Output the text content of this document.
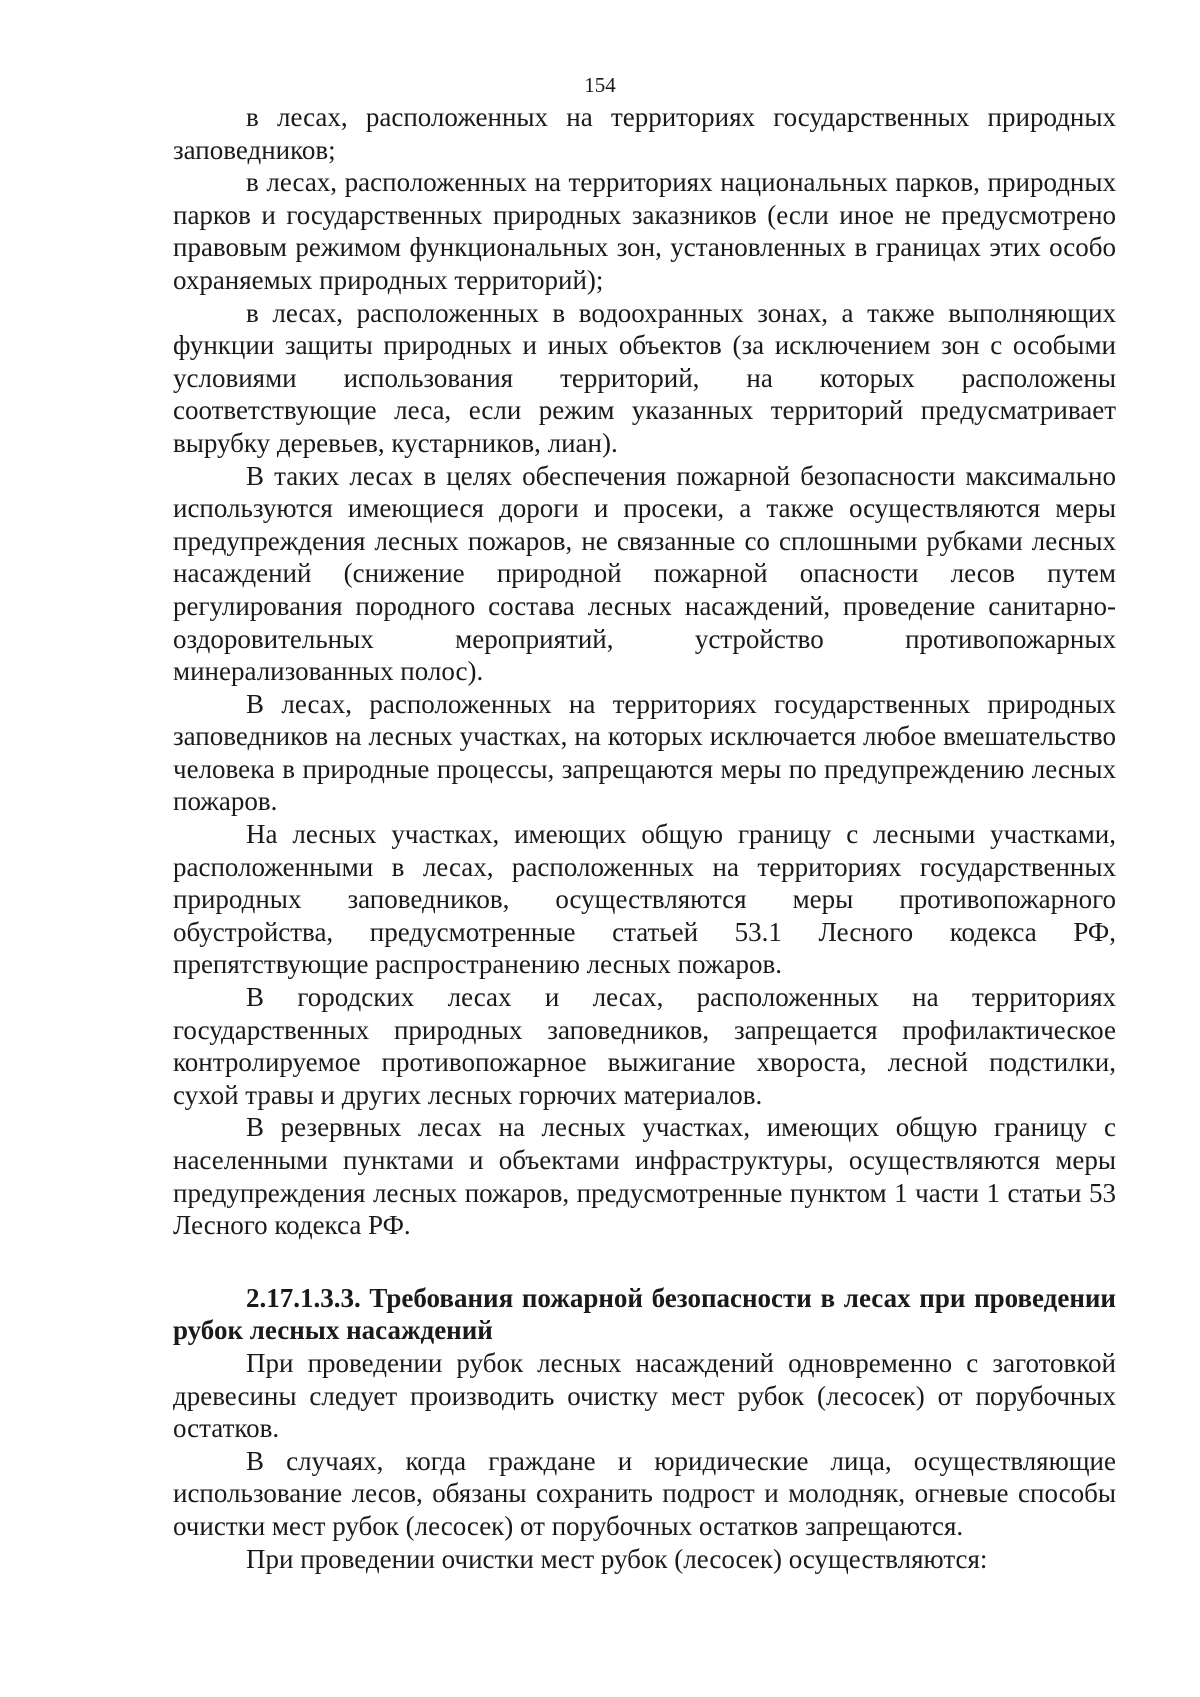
154

в лесах, расположенных на территориях государственных природных заповедников;

в лесах, расположенных на территориях национальных парков, природных парков и государственных природных заказников (если иное не предусмотрено правовым режимом функциональных зон, установленных в границах этих особо охраняемых природных территорий);

в лесах, расположенных в водоохранных зонах, а также выполняющих функции защиты природных и иных объектов (за исключением зон с особыми условиями использования территорий, на которых расположены соответствующие леса, если режим указанных территорий предусматривает вырубку деревьев, кустарников, лиан).

В таких лесах в целях обеспечения пожарной безопасности максимально используются имеющиеся дороги и просеки, а также осуществляются меры предупреждения лесных пожаров, не связанные со сплошными рубками лесных насаждений (снижение природной пожарной опасности лесов путем регулирования породного состава лесных насаждений, проведение санитарно-оздоровительных мероприятий, устройство противопожарных минерализованных полос).

В лесах, расположенных на территориях государственных природных заповедников на лесных участках, на которых исключается любое вмешательство человека в природные процессы, запрещаются меры по предупреждению лесных пожаров.

На лесных участках, имеющих общую границу с лесными участками, расположенными в лесах, расположенных на территориях государственных природных заповедников, осуществляются меры противопожарного обустройства, предусмотренные статьей 53.1 Лесного кодекса РФ, препятствующие распространению лесных пожаров.

В городских лесах и лесах, расположенных на территориях государственных природных заповедников, запрещается профилактическое контролируемое противопожарное выжигание хвороста, лесной подстилки, сухой травы и других лесных горючих материалов.

В резервных лесах на лесных участках, имеющих общую границу с населенными пунктами и объектами инфраструктуры, осуществляются меры предупреждения лесных пожаров, предусмотренные пунктом 1 части 1 статьи 53 Лесного кодекса РФ.

2.17.1.3.3. Требования пожарной безопасности в лесах при проведении рубок лесных насаждений

При проведении рубок лесных насаждений одновременно с заготовкой древесины следует производить очистку мест рубок (лесосек) от порубочных остатков.

В случаях, когда граждане и юридические лица, осуществляющие использование лесов, обязаны сохранить подрост и молодняк, огневые способы очистки мест рубок (лесосек) от порубочных остатков запрещаются.

При проведении очистки мест рубок (лесосек) осуществляются:
